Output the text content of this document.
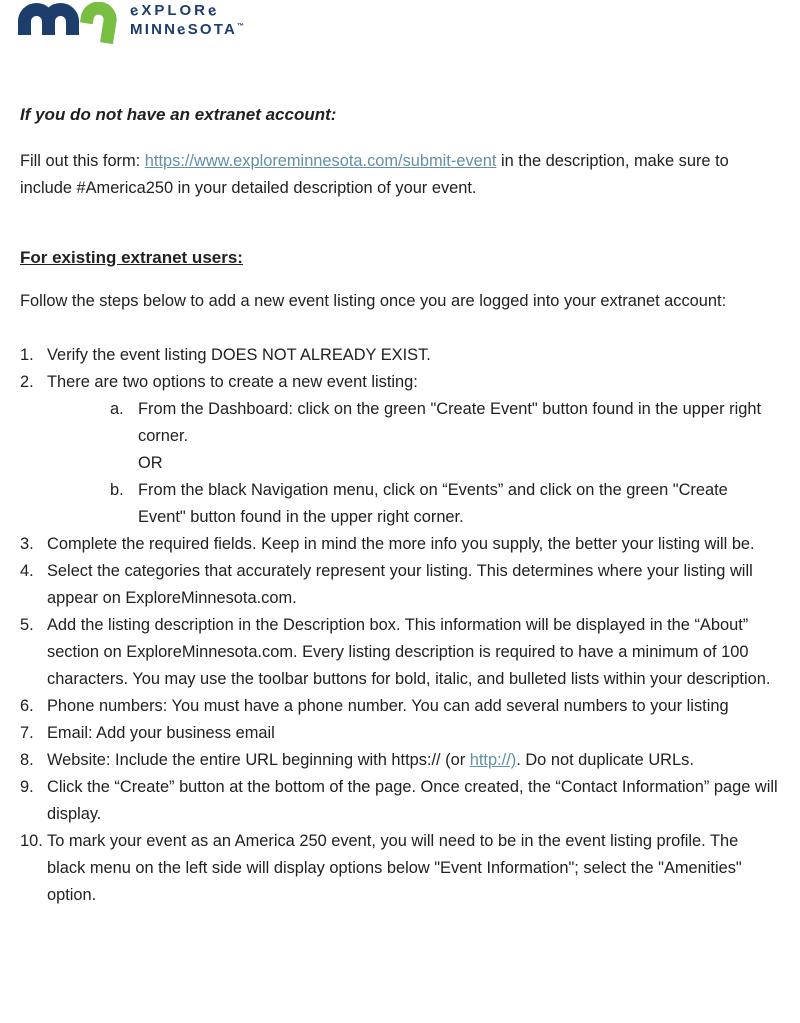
eXPLORe
MINNeSOTA™
If you do not have an extranet account:

Fill out this form: https://www.exploreminnesota.com/submit-event in the description, make sure to include #America250 in your detailed description of your event.

For existing extranet users:

Follow the steps below to add a new event listing once you are logged into your extranet account:

1. Verify the event listing DOES NOT ALREADY EXIST.
2. There are two options to create a new event listing:
a. From the Dashboard: click on the green "Create Event" button found in the upper right corner.
OR
b. From the black Navigation menu, click on “Events” and click on the green "Create Event" button found in the upper right corner.
3. Complete the required fields. Keep in mind the more info you supply, the better your listing will be.
4. Select the categories that accurately represent your listing. This determines where your listing will appear on ExploreMinnesota.com.
5. Add the listing description in the Description box. This information will be displayed in the “About” section on ExploreMinnesota.com. Every listing description is required to have a minimum of 100 characters. You may use the toolbar buttons for bold, italic, and bulleted lists within your description.
6. Phone numbers: You must have a phone number. You can add several numbers to your listing
7. Email: Add your business email
8. Website: Include the entire URL beginning with https:// (or http://). Do not duplicate URLs.
9. Click the “Create” button at the bottom of the page. Once created, the “Contact Information” page will display.
10. To mark your event as an America 250 event, you will need to be in the event listing profile. The black menu on the left side will display options below "Event Information"; select the "Amenities" option.
